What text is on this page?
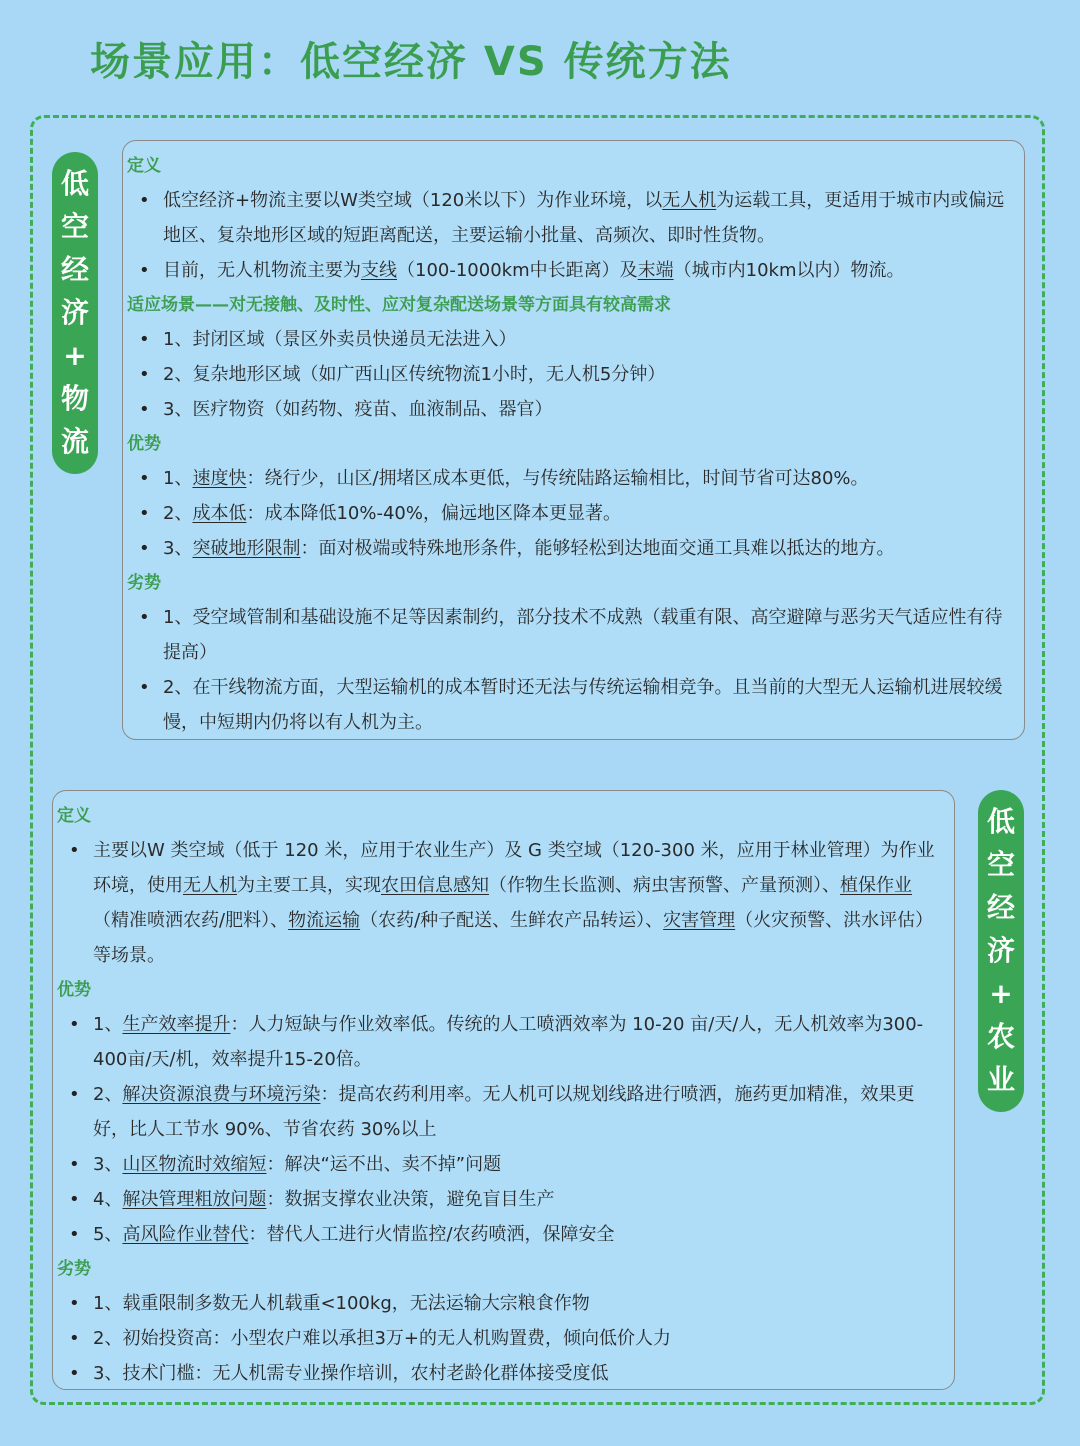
场景应用：低空经济 VS 传统方法
低
空
经
济
+
物
流
定义
• 低空经济+物流主要以W类空域（120米以下）为作业环境，以无人机为运载工具，更适用于城市内或偏远地区、复杂地形区域的短距离配送，主要运输小批量、高频次、即时性货物。
• 目前，无人机物流主要为支线（100-1000km中长距离）及末端（城市内10km以内）物流。
适应场景——对无接触、及时性、应对复杂配送场景等方面具有较高需求
• 1、封闭区域（景区外卖员快递员无法进入）
• 2、复杂地形区域（如广西山区传统物流1小时，无人机5分钟）
• 3、医疗物资（如药物、疫苗、血液制品、器官）
优势
• 1、速度快：绕行少，山区/拥堵区成本更低，与传统陆路运输相比，时间节省可达80%。
• 2、成本低：成本降低10%-40%，偏远地区降本更显著。
• 3、突破地形限制：面对极端或特殊地形条件，能够轻松到达地面交通工具难以抵达的地方。
劣势
• 1、受空域管制和基础设施不足等因素制约，部分技术不成熟（载重有限、高空避障与恶劣天气适应性有待提高）
• 2、在干线物流方面，大型运输机的成本暂时还无法与传统运输相竞争。且当前的大型无人运输机进展较缓慢，中短期内仍将以有人机为主。
定义
• 主要以W 类空域（低于 120 米，应用于农业生产）及 G 类空域（120-300 米，应用于林业管理）为作业环境，使用无人机为主要工具，实现农田信息感知（作物生长监测、病虫害预警、产量预测）、植保作业（精准喷洒农药/肥料）、物流运输（农药/种子配送、生鲜农产品转运）、灾害管理（火灾预警、洪水评估）等场景。
优势
• 1、生产效率提升：人力短缺与作业效率低。传统的人工喷洒效率为 10-20 亩/天/人，无人机效率为300-400亩/天/机，效率提升15-20倍。
• 2、解决资源浪费与环境污染：提高农药利用率。无人机可以规划线路进行喷洒，施药更加精准，效果更好，比人工节水 90%、节省农药 30%以上
• 3、山区物流时效缩短：解决“运不出、卖不掉”问题
• 4、解决管理粗放问题：数据支撑农业决策，避免盲目生产
• 5、高风险作业替代：替代人工进行火情监控/农药喷洒，保障安全
劣势
• 1、载重限制多数无人机载重<100kg，无法运输大宗粮食作物
• 2、初始投资高：小型农户难以承担3万+的无人机购置费，倾向低价人力
• 3、技术门槛：无人机需专业操作培训，农村老龄化群体接受度低
低
空
经
济
+
农
业
